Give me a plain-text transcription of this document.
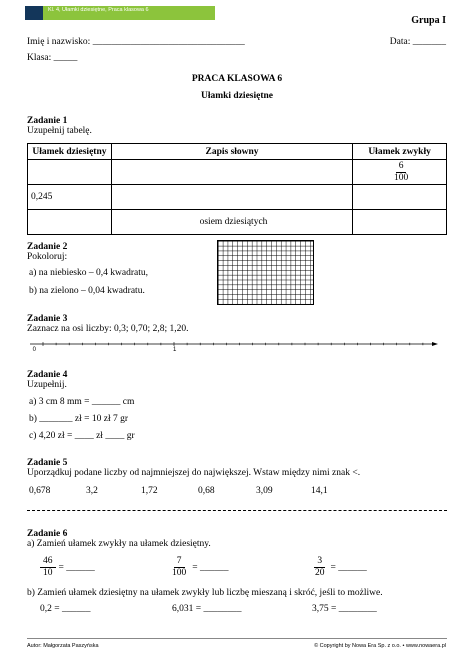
Kl. 4, Ułamki dziesiętne, Praca klasowa 6
Grupa I
Imię i nazwisko: ________________________________	Data: _______
Klasa: _____
PRACA KLASOWA 6
Ułamki dziesiętne
Zadanie 1
Uzupełnij tabelę.
Ułamek dziesiętny	Zapis słowny	Ułamek zwykły

		$\frac{6}{100}$

0,245		
	osiem dziesiątych	
Zadanie 2
Pokoloruj:
a) na niebiesko – 0,4 kwadratu,
b) na zielono – 0,04 kwadratu.
Zadanie 3
Zaznacz na osi liczby: 0,3; 0,70; 2,8; 1,20.
0	1
Zadanie 4
Uzupełnij.
a) 3 cm 8 mm = ______ cm
b) _______ zł = 10 zł 7 gr
c) 4,20 zł = ____ zł ____ gr
Zadanie 5
Uporządkuj podane liczby od najmniejszej do największej. Wstaw między nimi znak <.
0,678	3,2	1,72	0,68	3,09	14,1
Zadanie 6
a) Zamień ułamek zwykły na ułamek dziesiętny.
$\frac{46}{10}$ = ______	$\frac{7}{100}$ = ______	$\frac{3}{20}$ = ______
b) Zamień ułamek dziesiętny na ułamek zwykły lub liczbę mieszaną i skróć, jeśli to możliwe.
0,2 = ______	6,031 = ________	3,75 = ________
Autor: Małgorzata Paszyńska	© Copyright by Nowa Era Sp. z o.o. • www.nowaera.pl
